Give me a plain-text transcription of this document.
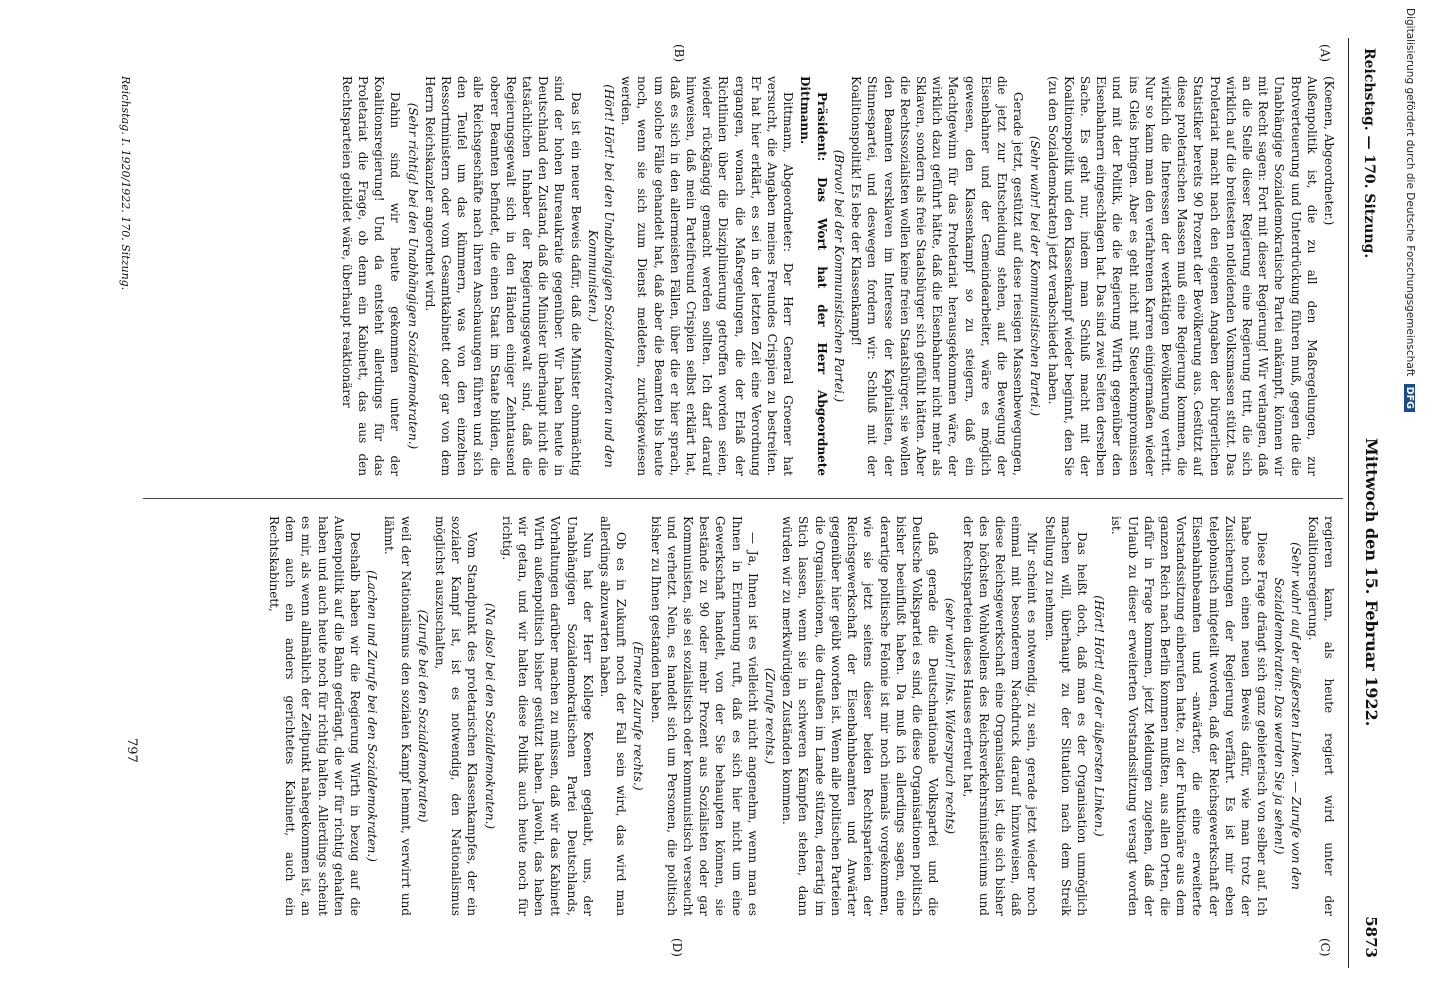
Reichstag. — 170. Sitzung.
Mittwoch den 15. Februar 1922.
5873
(A)
(B)
(C)
(D)

(Koenen, Abgeordneter.)

Außenpolitik ist, die zu all den Maßregelungen, zur Brotverteuerung und Unterdrückung führen muß, gegen die die Unabhängige Sozialdemokratische Partei ankämpft, können wir mit Recht sagen: Fort mit dieser Regierung! Wir verlangen, daß an die Stelle dieser Regierung eine Regierung tritt, die sich wirklich auf die breitesten notleidenden Volksmassen stützt. Das Proletariat macht nach den eigenen Angaben der bürgerlichen Statistiker bereits 90 Prozent der Bevölkerung aus. Gestützt auf diese proletarischen Massen muß eine Regierung kommen, die wirklich die Interessen der werktätigen Bevölkerung vertritt. Nur so kann man den verfahrenen Karren einigermaßen wieder ins Gleis bringen. Aber es geht nicht mit Steuerkompromissen und mit der Politik, die die Regierung Wirth gegenüber den Eisenbahnern eingeschlagen hat. Das sind zwei Seiten derselben Sache. Es geht nur, indem man Schluß macht mit der Koalitionspolitik und den Klassenkampf wieder beginnt, den Sie (zu den Sozialdemokraten) jetzt verabschiedet haben.

(Sehr wahr! bei der Kommunistischen Partei.)

Gerade jetzt, gestützt auf diese riesigen Massenbewegungen, die jetzt zur Entscheidung stehen, auf die Bewegung der Eisenbahner und der Gemeindearbeiter, wäre es möglich gewesen, den Klassenkampf so zu steigern, daß ein Machtgewinn für das Proletariat herausgekommen wäre, der wirklich dazu geführt hätte, daß die Eisenbahner nicht mehr als Sklaven, sondern als freie Staatsbürger sich gefühlt hätten. Aber die Rechtssozialisten wollen keine freien Staatsbürger, sie wollen den Beamten versklaven im Interesse der Kapitalisten, der Stinnespartei, und deswegen fordern wir: Schluß mit der Koalitionspolitik! Es lebe der Klassenkampf!

(Bravo! bei der Kommunistischen Partei.)

Präsident: Das Wort hat der Herr Abgeordnete Dittmann.

Dittmann, Abgeordneter: Der Herr General Groener hat versucht, die Angaben meines Freundes Crispien zu bestreiten. Er hat hier erklärt, es sei in der letzten Zeit eine Verordnung ergangen, wonach die Maßregelungen, die der Erlaß der Richtlinien über die Disziplinierung getroffen worden seien, wieder rückgängig gemacht werden sollten. Ich darf darauf hinweisen, daß mein Parteifreund Crispien selbst erklärt hat, daß es sich in den allermeisten Fällen, über die er hier sprach, um solche Fälle gehandelt hat, daß aber die Beamten bis heute noch, wenn sie sich zum Dienst meldeten, zurückgewiesen werden.

(Hört! Hört! bei den Unabhängigen Sozialdemokraten und den Kommunisten.)

Das ist ein neuer Beweis dafür, daß die Minister ohnmächtig sind der hohen Bureaukratie gegenüber. Wir haben heute in Deutschland den Zustand, daß die Minister überhaupt nicht die tatsächlichen Inhaber der Regierungsgewalt sind, daß die Regierungsgewalt sich in den Händen einiger Zehntausend oberer Beamten befindet, die einen Staat im Staate bilden, die alle Reichsgeschäfte nach ihren Anschauungen führen und sich den Teufel um das kümmern, was von den einzelnen Ressortministern oder vom Gesamtkabinett oder gar von dem Herrn Reichskanzler angeordnet wird.

(Sehr richtig! bei den Unabhängigen Sozialdemokraten.)

Dahin sind wir heute gekommen unter der Koalitionsregierung! Und da entsteht allerdings für das Proletariat die Frage, ob denn ein Kabinett, das aus den Rechtsparteien gebildet wäre, überhaupt reaktionärer

regieren kann, als heute regiert wird unter der Koalitionsregierung.

(Sehr wahr! auf der äußersten Linken. — Zurufe von den Sozialdemokraten: Das werden Sie ja sehen!)

Diese Frage drängt sich ganz gebieterisch von selber auf. Ich habe noch einen neuen Beweis dafür, wie man trotz der Zusicherungen der Regierung verfährt. Es ist mir eben telephonisch mitgeteilt worden, daß der Reichsgewerkschaft der Eisenbahnbeamten und -anwärter, die eine erweiterte Vorstandssitzung einberufen hatte, zu der Funktionäre aus dem ganzen Reich nach Berlin kommen mußten, aus allen Orten, die dafür in Frage kommen, jetzt Meldungen zugehen, daß der Urlaub zu dieser erweiterten Vorstandssitzung versagt worden ist.

(Hört! Hört! auf der äußersten Linken.)

Das heißt doch, daß man es der Organisation unmöglich machen will, überhaupt zu der Situation nach dem Streik Stellung zu nehmen.

Mir scheint es notwendig, zu sein, gerade jetzt wieder noch einmal mit besonderem Nachdruck darauf hinzuweisen, daß diese Reichsgewerkschaft eine Organisation ist, die sich bisher des höchsten Wohlwollens des Reichsverkehrsministeriums und der Rechtsparteien dieses Hauses erfreut hat,

(sehr wahr! links. Widerspruch rechts)

daß gerade die Deutschnationale Volkspartei und die Deutsche Volkspartei es sind, die diese Organisationen politisch bisher beeinflußt haben. Da muß ich allerdings sagen, eine derartige politische Felonie ist mir noch niemals vorgekommen, wie sie jetzt seitens dieser beiden Rechtsparteien der Reichsgewerkschaft der Eisenbahnbeamten und Anwärter gegenüber hier geübt worden ist. Wenn alle politischen Parteien die Organisationen, die draußen im Lande stützen, derartig im Stich lassen, wenn sie in schweren Kämpfen stehen, dann würden wir zu merkwürdigen Zuständen kommen.

(Zurufe rechts.)

— Ja, Ihnen ist es vielleicht nicht angenehm, wenn man es Ihnen in Erinnerung ruft, daß es sich hier nicht um eine Gewerkschaft handelt, von der Sie behaupten können, sie bestände zu 90 oder mehr Prozent aus Sozialisten oder gar Kommunisten, sie sei sozialistisch oder kommunistisch verseucht und verhetzt. Nein, es handelt sich um Personen, die politisch bisher zu Ihnen gestanden haben.

(Erneute Zurufe rechts.)

Ob es in Zukunft noch der Fall sein wird, das wird man allerdings abzuwarten haben.

Nun hat der Herr Kollege Koenen geglaubt, uns, der Unabhängigen Sozialdemokratischen Partei Deutschlands, Vorhaltungen darüber machen zu müssen, daß wir das Kabinett Wirth außenpolitisch bisher gestützt haben. Jawohl, das haben wir getan, und wir halten diese Politik auch heute noch für richtig.

(Na also! bei den Sozialdemokraten.)

Vom Standpunkt des proletarischen Klassenkampfes, der ein sozialer Kampf ist, ist es notwendig, den Nationalismus möglichst auszuschalten,

(Zurufe bei den Sozialdemokraten)

weil der Nationalismus den sozialen Kampf hemmt, verwirrt und lähmt.

(Lachen und Zurufe bei den Sozialdemokraten.)

Deshalb haben wir die Regierung Wirth in bezug auf die Außenpolitik auf die Bahn gedrängt, die wir für richtig gehalten haben und auch heute noch für richtig halten. Allerdings scheint es mir, als wenn allmählich der Zeitpunkt nahegekommen ist, an dem auch ein anders gerichtetes Kabinett, auch ein Rechtskabinett,

Reichstag. I. 1920/1922. 170. Sitzung.
797
Digitalisierung gefördert durch die Deutsche Forschungsgemeinschaft DFG
